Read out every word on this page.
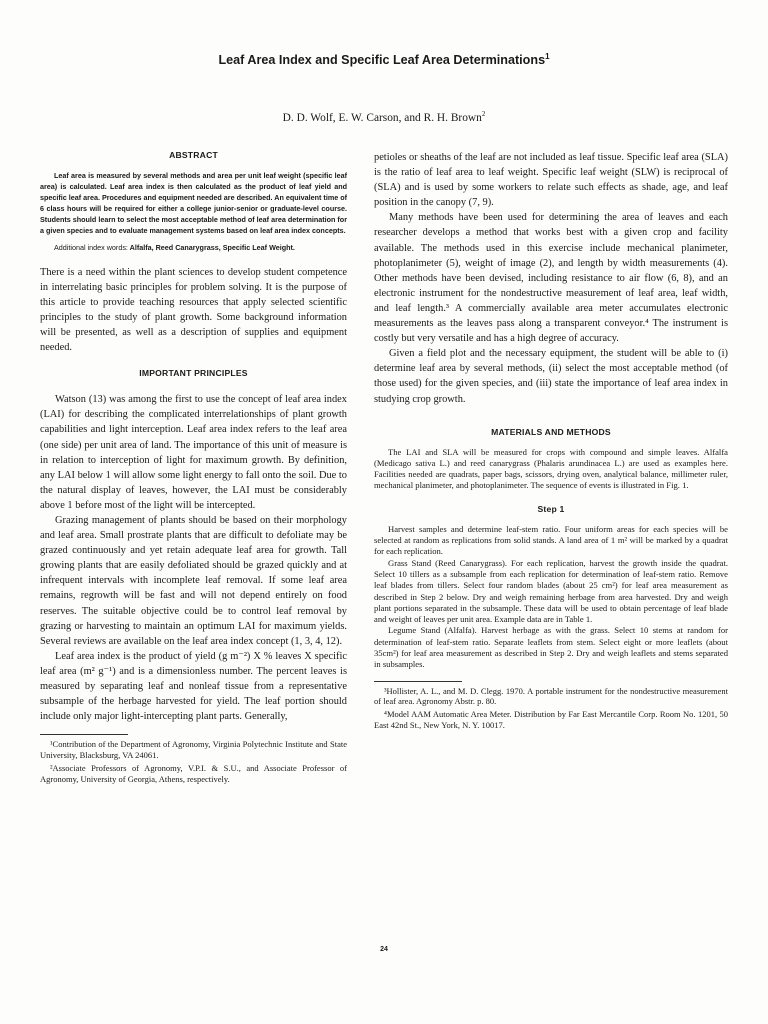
Leaf Area Index and Specific Leaf Area Determinations$^1$
D. D. Wolf, E. W. Carson, and R. H. Brown$^2$
ABSTRACT

Leaf area is measured by several methods and area per unit leaf weight (specific leaf area) is calculated. Leaf area index is then calculated as the product of leaf yield and specific leaf area. Procedures and equipment needed are described. An equivalent time of 6 class hours will be required for either a college junior-senior or graduate-level course. Students should learn to select the most acceptable method of leaf area determination for a given species and to evaluate management systems based on leaf area index concepts.

Additional index words: Alfalfa, Reed Canarygrass, Specific Leaf Weight.

There is a need within the plant sciences to develop student competence in interrelating basic principles for problem solving. It is the purpose of this article to provide teaching resources that apply selected scientific principles to the study of plant growth. Some background information will be presented, as well as a description of supplies and equipment needed.

IMPORTANT PRINCIPLES

Watson (13) was among the first to use the concept of leaf area index (LAI) for describing the complicated interrelationships of plant growth capabilities and light interception. Leaf area index refers to the leaf area (one side) per unit area of land. The importance of this unit of measure is in relation to interception of light for maximum growth. By definition, any LAI below 1 will allow some light energy to fall onto the soil. Due to the natural display of leaves, however, the LAI must be considerably above 1 before most of the light will be intercepted.

Grazing management of plants should be based on their morphology and leaf area. Small prostrate plants that are difficult to defoliate may be grazed continuously and yet retain adequate leaf area for growth. Tall growing plants that are easily defoliated should be grazed quickly and at infrequent intervals with incomplete leaf removal. If some leaf area remains, regrowth will be fast and will not depend entirely on food reserves. The suitable objective could be to control leaf removal by grazing or harvesting to maintain an optimum LAI for maximum yields. Several reviews are available on the leaf area index concept (1, 3, 4, 12).

Leaf area index is the product of yield (g m⁻²) X % leaves X specific leaf area (m² g⁻¹) and is a dimensionless number. The percent leaves is measured by separating leaf and nonleaf tissue from a representative subsample of the herbage harvested for yield. The leaf portion should include only major light-intercepting plant parts. Generally,

¹Contribution of the Department of Agronomy, Virginia Polytechnic Institute and State University, Blacksburg, VA 24061.

²Associate Professors of Agronomy, V.P.I. & S.U., and Associate Professor of Agronomy, University of Georgia, Athens, respectively.

petioles or sheaths of the leaf are not included as leaf tissue. Specific leaf area (SLA) is the ratio of leaf area to leaf weight. Specific leaf weight (SLW) is reciprocal of (SLA) and is used by some workers to relate such effects as shade, age, and leaf position in the canopy (7, 9).

Many methods have been used for determining the area of leaves and each researcher develops a method that works best with a given crop and facility available. The methods used in this exercise include mechanical planimeter, photoplanimeter (5), weight of image (2), and length by width measurements (4). Other methods have been devised, including resistance to air flow (6, 8), and an electronic instrument for the nondestructive measurement of leaf area, leaf width, and leaf length.³ A commercially available area meter accumulates electronic measurements as the leaves pass along a transparent conveyor.⁴ The instrument is costly but very versatile and has a high degree of accuracy.

Given a field plot and the necessary equipment, the student will be able to (i) determine leaf area by several methods, (ii) select the most acceptable method (of those used) for the given species, and (iii) state the importance of leaf area index in studying crop growth.

MATERIALS AND METHODS

The LAI and SLA will be measured for crops with compound and simple leaves. Alfalfa (Medicago sativa L.) and reed canarygrass (Phalaris arundinacea L.) are used as examples here. Facilities needed are quadrats, paper bags, scissors, drying oven, analytical balance, millimeter ruler, mechanical planimeter, and photoplanimeter. The sequence of events is illustrated in Fig. 1.

Step 1

Harvest samples and determine leaf-stem ratio. Four uniform areas for each species will be selected at random as replications from solid stands. A land area of 1 m² will be marked by a quadrat for each replication.

Grass Stand (Reed Canarygrass). For each replication, harvest the growth inside the quadrat. Select 10 tillers as a subsample from each replication for determination of leaf-stem ratio. Remove leaf blades from tillers. Select four random blades (about 25 cm²) for leaf area measurement as described in Step 2 below. Dry and weigh remaining herbage from area harvested. Dry and weigh plant portions separated in the subsample. These data will be used to obtain percentage of leaf blade and weight of leaves per unit area. Example data are in Table 1.

Legume Stand (Alfalfa). Harvest herbage as with the grass. Select 10 stems at random for determination of leaf-stem ratio. Separate leaflets from stem. Select eight or more leaflets (about 35cm²) for leaf area measurement as described in Step 2. Dry and weigh leaflets and stems separated in subsamples.

³Hollister, A. L., and M. D. Clegg. 1970. A portable instrument for the nondestructive measurement of leaf area. Agronomy Abstr. p. 80.

⁴Model AAM Automatic Area Meter. Distribution by Far East Mercantile Corp. Room No. 1201, 50 East 42nd St., New York, N. Y. 10017.

24
